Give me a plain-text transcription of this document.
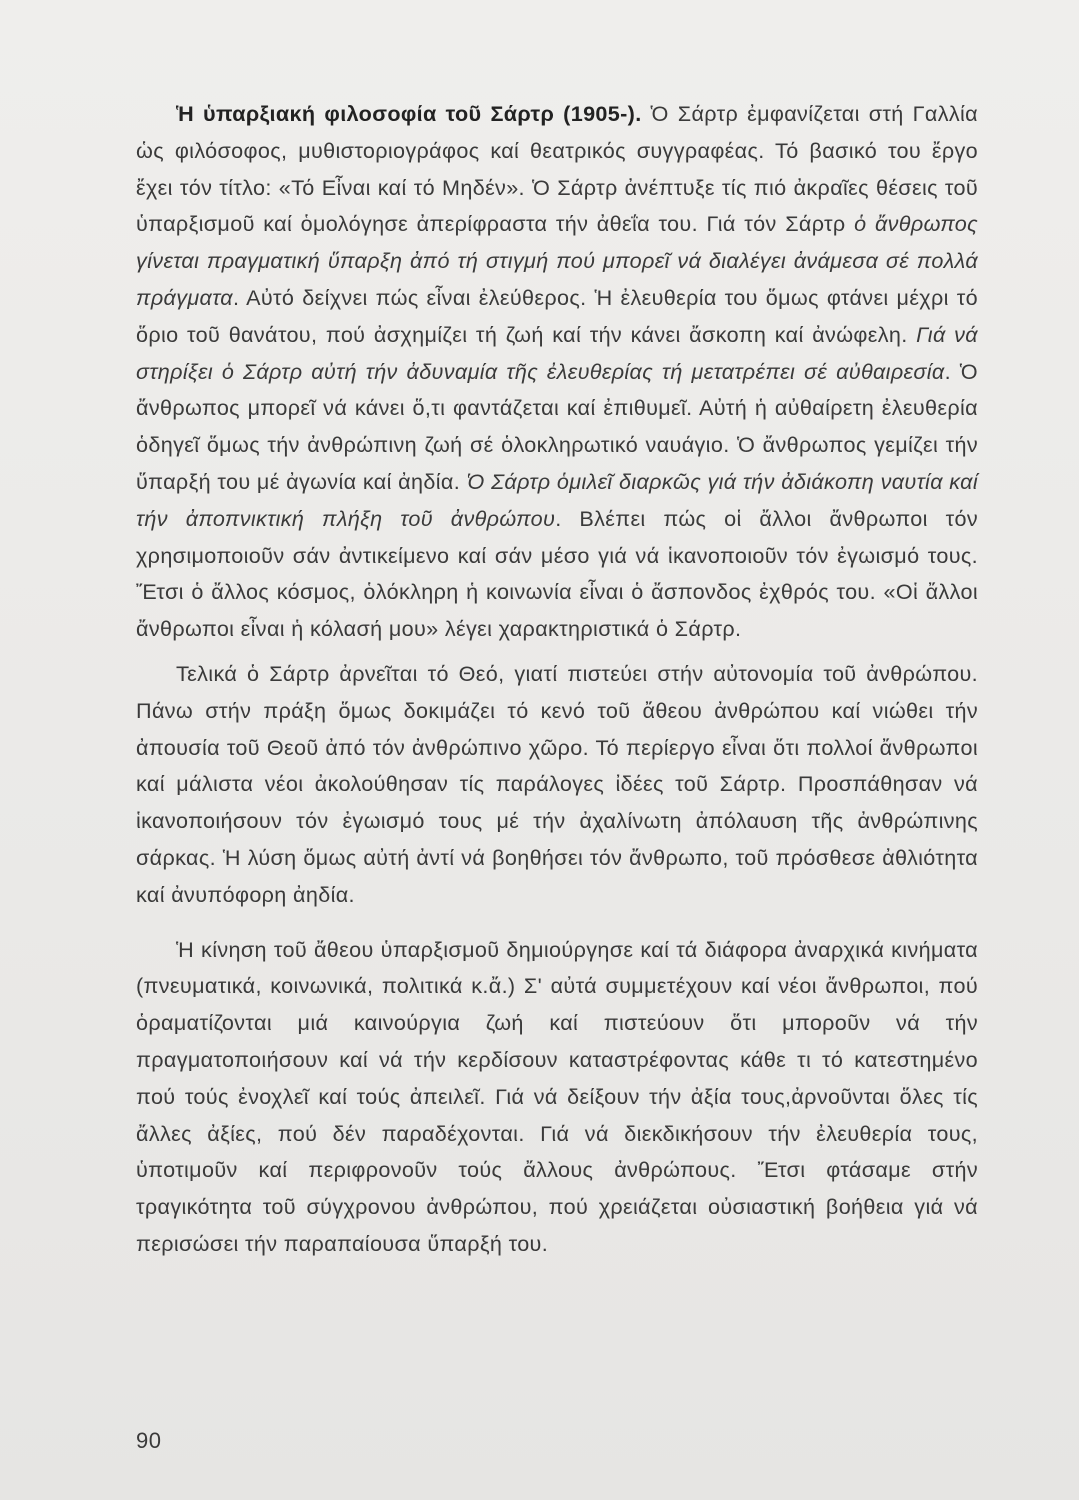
Ἡ ὑπαρξιακή φιλοσοφία τοῦ Σάρτρ (1905-). Ὁ Σάρτρ ἐμφανίζεται στή Γαλλία ὡς φιλόσοφος, μυθιστοριογράφος καί θεατρικός συγγραφέας. Τό βασικό του ἔργο ἔχει τόν τίτλο: «Τό Εἶναι καί τό Μηδέν». Ὁ Σάρτρ ἀνέπτυξε τίς πιό ἀκραῖες θέσεις τοῦ ὑπαρξισμοῦ καί ὁμολόγησε ἀπερίφραστα τήν ἀθεΐα του. Γιά τόν Σάρτρ ὁ ἄνθρωπος γίνεται πραγματική ὕπαρξη ἀπό τή στιγμή πού μπορεῖ νά διαλέγει ἀνάμεσα σέ πολλά πράγματα. Αὐτό δείχνει πώς εἶναι ἐλεύθερος. Ἡ ἐλευθερία του ὅμως φτάνει μέχρι τό ὅριο τοῦ θανάτου, πού ἀσχημίζει τή ζωή καί τήν κάνει ἄσκοπη καί ἀνώφελη. Γιά νά στηρίξει ὁ Σάρτρ αὐτή τήν ἀδυναμία τῆς ἐλευθερίας τή μετατρέπει σέ αὐθαιρεσία. Ὁ ἄνθρωπος μπορεῖ νά κάνει ὅ,τι φαντάζεται καί ἐπιθυμεῖ. Αὐτή ἡ αὐθαίρετη ἐλευθερία ὁδηγεῖ ὅμως τήν ἀνθρώπινη ζωή σέ ὁλοκληρωτικό ναυάγιο. Ὁ ἄνθρωπος γεμίζει τήν ὕπαρξή του μέ ἀγωνία καί ἀηδία. Ὁ Σάρτρ ὁμιλεῖ διαρκῶς γιά τήν ἀδιάκοπη ναυτία καί τήν ἀποπνικτική πλήξη τοῦ ἀνθρώπου. Βλέπει πώς οἱ ἄλλοι ἄνθρωποι τόν χρησιμοποιοῦν σάν ἀντικείμενο καί σάν μέσο γιά νά ἱκανοποιοῦν τόν ἐγωισμό τους. Ἔτσι ὁ ἄλλος κόσμος, ὁλόκληρη ἡ κοινωνία εἶναι ὁ ἄσπονδος ἐχθρός του. «Οἱ ἄλλοι ἄνθρωποι εἶναι ἡ κόλασή μου» λέγει χαρακτηριστικά ὁ Σάρτρ.

Τελικά ὁ Σάρτρ ἀρνεῖται τό Θεό, γιατί πιστεύει στήν αὐτονομία τοῦ ἀνθρώπου. Πάνω στήν πράξη ὅμως δοκιμάζει τό κενό τοῦ ἄθεου ἀνθρώπου καί νιώθει τήν ἀπουσία τοῦ Θεοῦ ἀπό τόν ἀνθρώπινο χῶρο. Τό περίεργο εἶναι ὅτι πολλοί ἄνθρωποι καί μάλιστα νέοι ἀκολούθησαν τίς παράλογες ἰδέες τοῦ Σάρτρ. Προσπάθησαν νά ἱκανοποιήσουν τόν ἐγωισμό τους μέ τήν ἀχαλίνωτη ἀπόλαυση τῆς ἀνθρώπινης σάρκας. Ἡ λύση ὅμως αὐτή ἀντί νά βοηθήσει τόν ἄνθρωπο, τοῦ πρόσθεσε ἀθλιότητα καί ἀνυπόφορη ἀηδία.

Ἡ κίνηση τοῦ ἄθεου ὑπαρξισμοῦ δημιούργησε καί τά διάφορα ἀναρχικά κινήματα (πνευματικά, κοινωνικά, πολιτικά κ.ἄ.) Σ' αὐτά συμμετέχουν καί νέοι ἄνθρωποι, πού ὁραματίζονται μιά καινούργια ζωή καί πιστεύουν ὅτι μποροῦν νά τήν πραγματοποιήσουν καί νά τήν κερδίσουν καταστρέφοντας κάθε τι τό κατεστημένο πού τούς ἐνοχλεῖ καί τούς ἀπειλεῖ. Γιά νά δείξουν τήν ἀξία τους,ἀρνοῦνται ὅλες τίς ἄλλες ἀξίες, πού δέν παραδέχονται. Γιά νά διεκδικήσουν τήν ἐλευθερία τους, ὑποτιμοῦν καί περιφρονοῦν τούς ἄλλους ἀνθρώπους. Ἔτσι φτάσαμε στήν τραγικότητα τοῦ σύγχρονου ἀνθρώπου, πού χρειάζεται οὐσιαστική βοήθεια γιά νά περισώσει τήν παραπαίουσα ὕπαρξή του.

90
